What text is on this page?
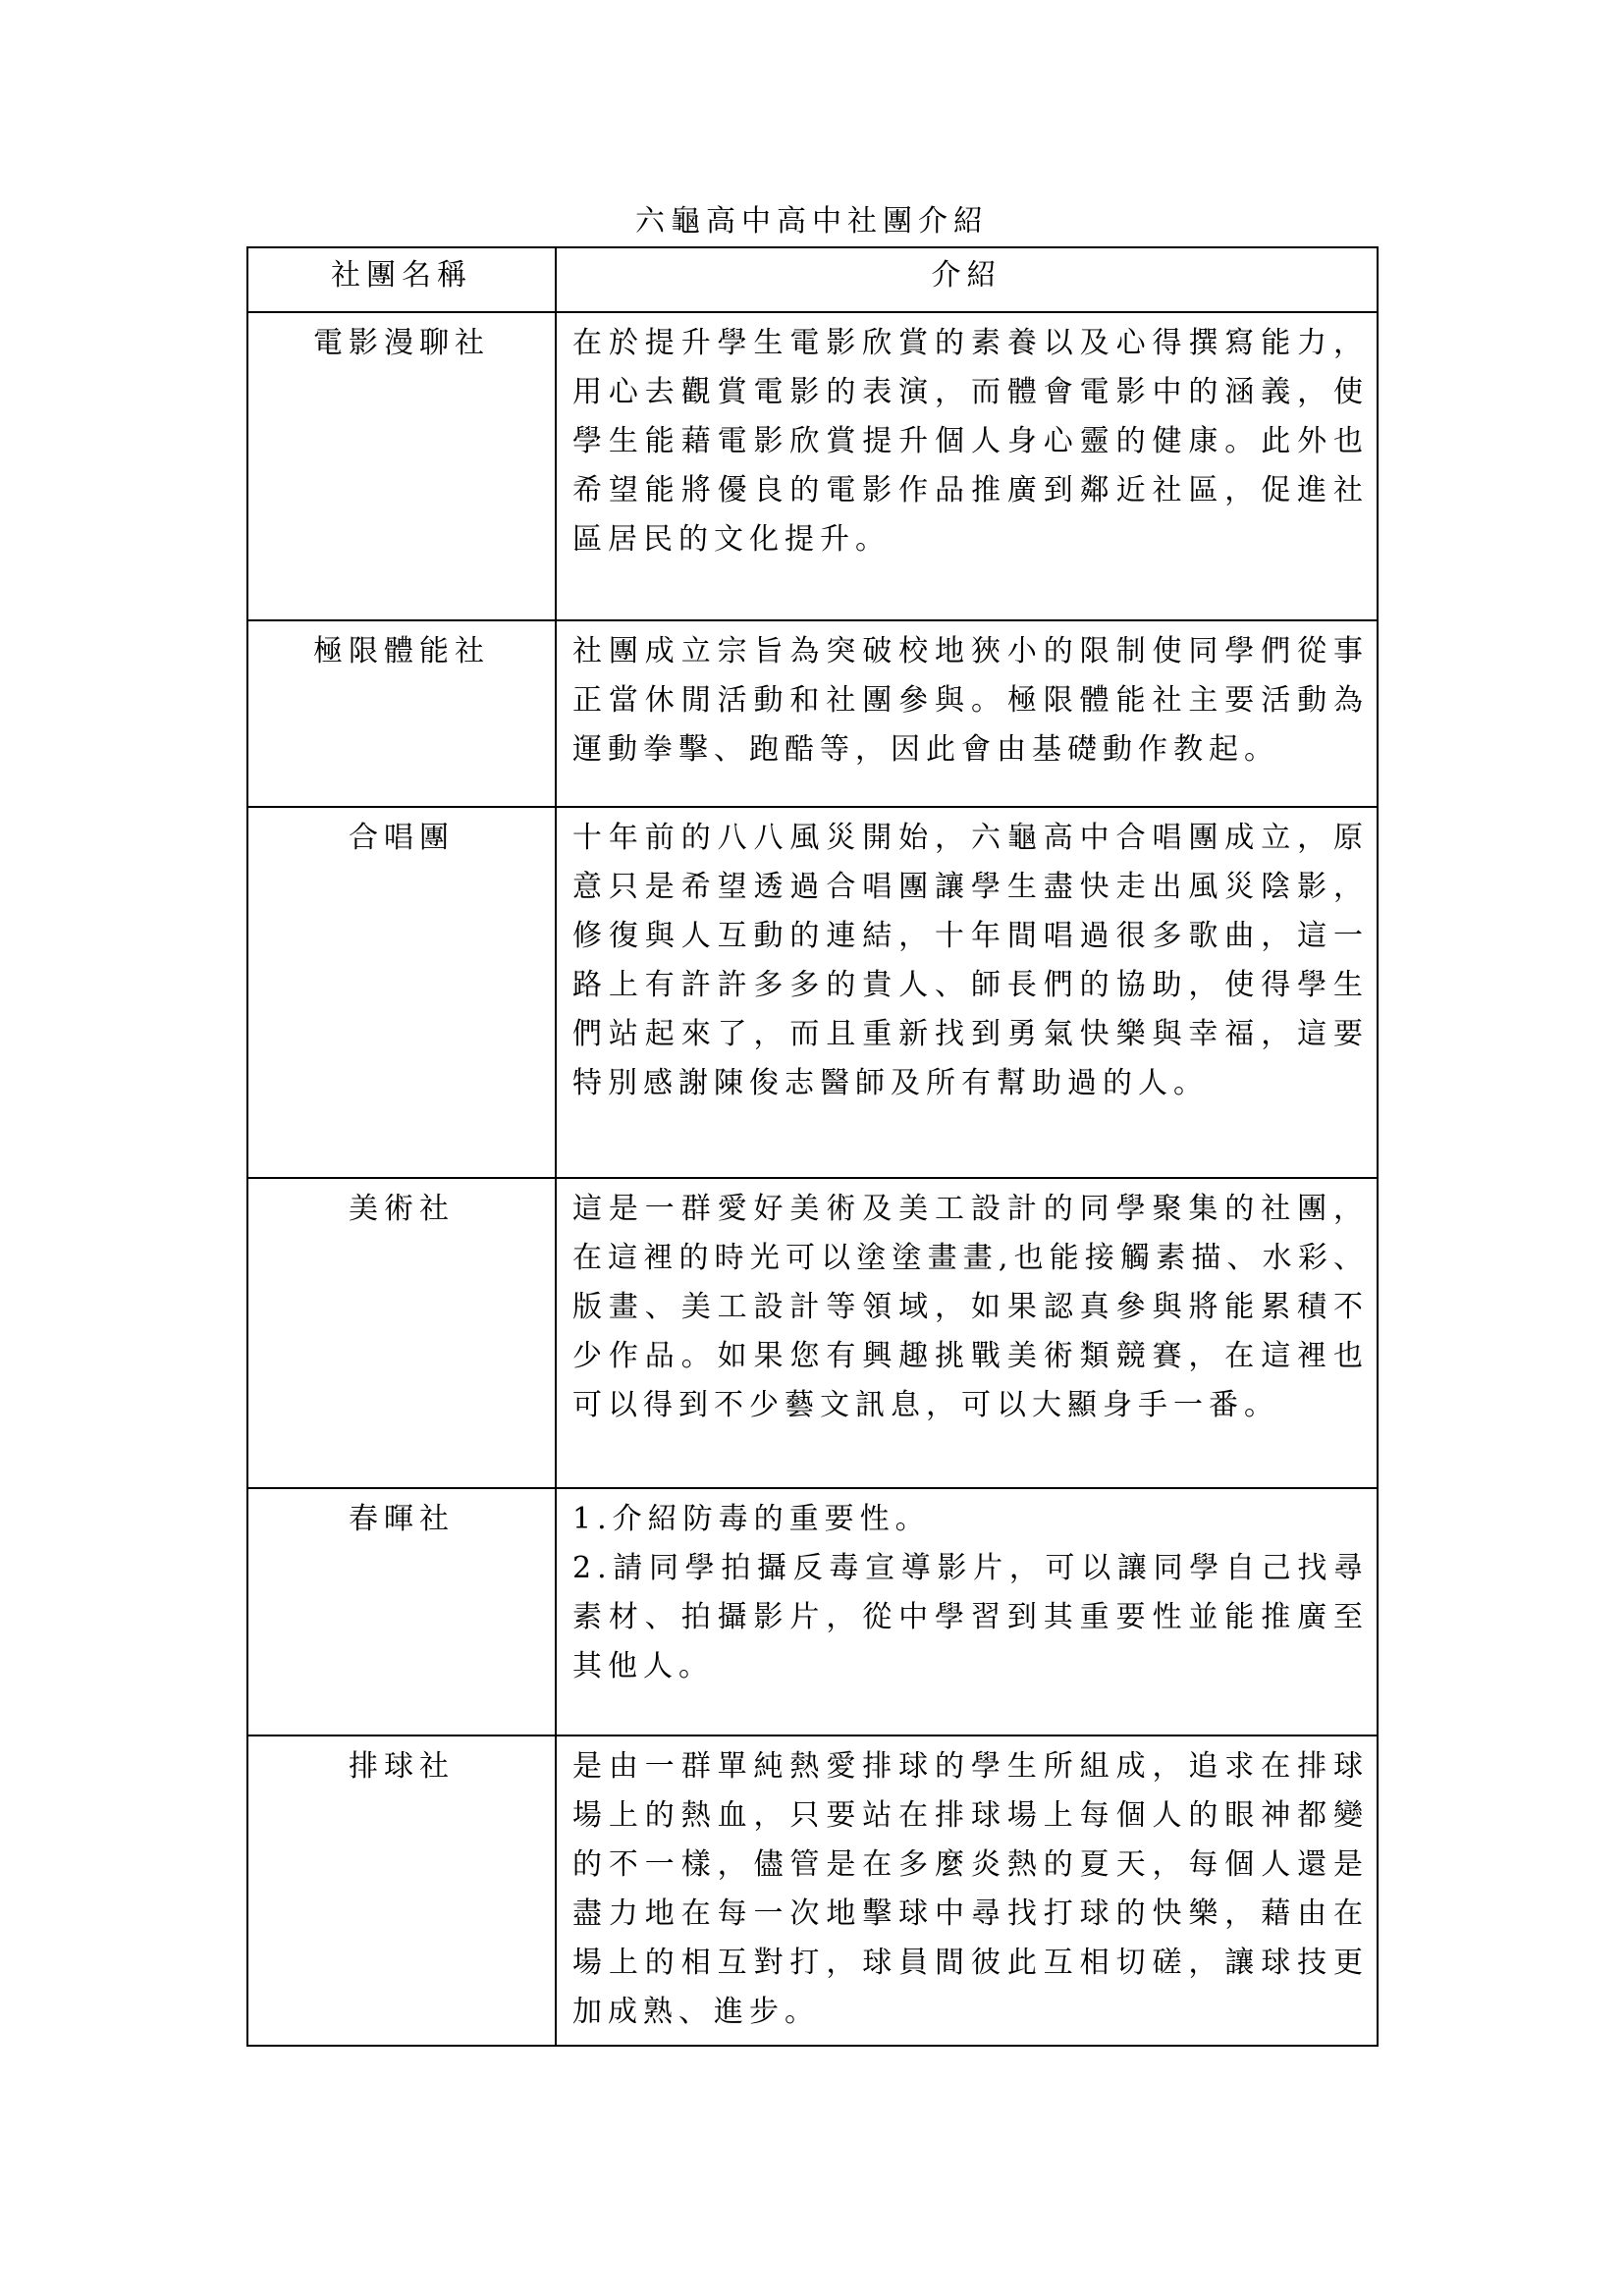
六龜高中高中社團介紹
社團名稱	介紹
電影漫聊社	在於提升學生電影欣賞的素養以及心得撰寫能力，用心去觀賞電影的表演，而體會電影中的涵義，使學生能藉電影欣賞提升個人身心靈的健康。此外也希望能將優良的電影作品推廣到鄰近社區，促進社區居民的文化提升。
極限體能社	社團成立宗旨為突破校地狹小的限制使同學們從事正當休閒活動和社團參與。極限體能社主要活動為運動拳擊、跑酷等，因此會由基礎動作教起。
合唱團	十年前的八八風災開始，六龜高中合唱團成立，原意只是希望透過合唱團讓學生盡快走出風災陰影，修復與人互動的連結，十年間唱過很多歌曲，這一路上有許許多多的貴人、師長們的協助，使得學生們站起來了，而且重新找到勇氣快樂與幸福，這要特別感謝陳俊志醫師及所有幫助過的人。
美術社	這是一群愛好美術及美工設計的同學聚集的社團，在這裡的時光可以塗塗畫畫,也能接觸素描、水彩、版畫、美工設計等領域，如果認真參與將能累積不少作品。如果您有興趣挑戰美術類競賽，在這裡也可以得到不少藝文訊息，可以大顯身手一番。
春暉社	1.介紹防毒的重要性。
2.請同學拍攝反毒宣導影片，可以讓同學自己找尋素材、拍攝影片，從中學習到其重要性並能推廣至其他人。

排球社	是由一群單純熱愛排球的學生所組成，追求在排球場上的熱血，只要站在排球場上每個人的眼神都變的不一樣，儘管是在多麼炎熱的夏天，每個人還是盡力地在每一次地擊球中尋找打球的快樂，藉由在場上的相互對打，球員間彼此互相切磋，讓球技更加成熟、進步。
